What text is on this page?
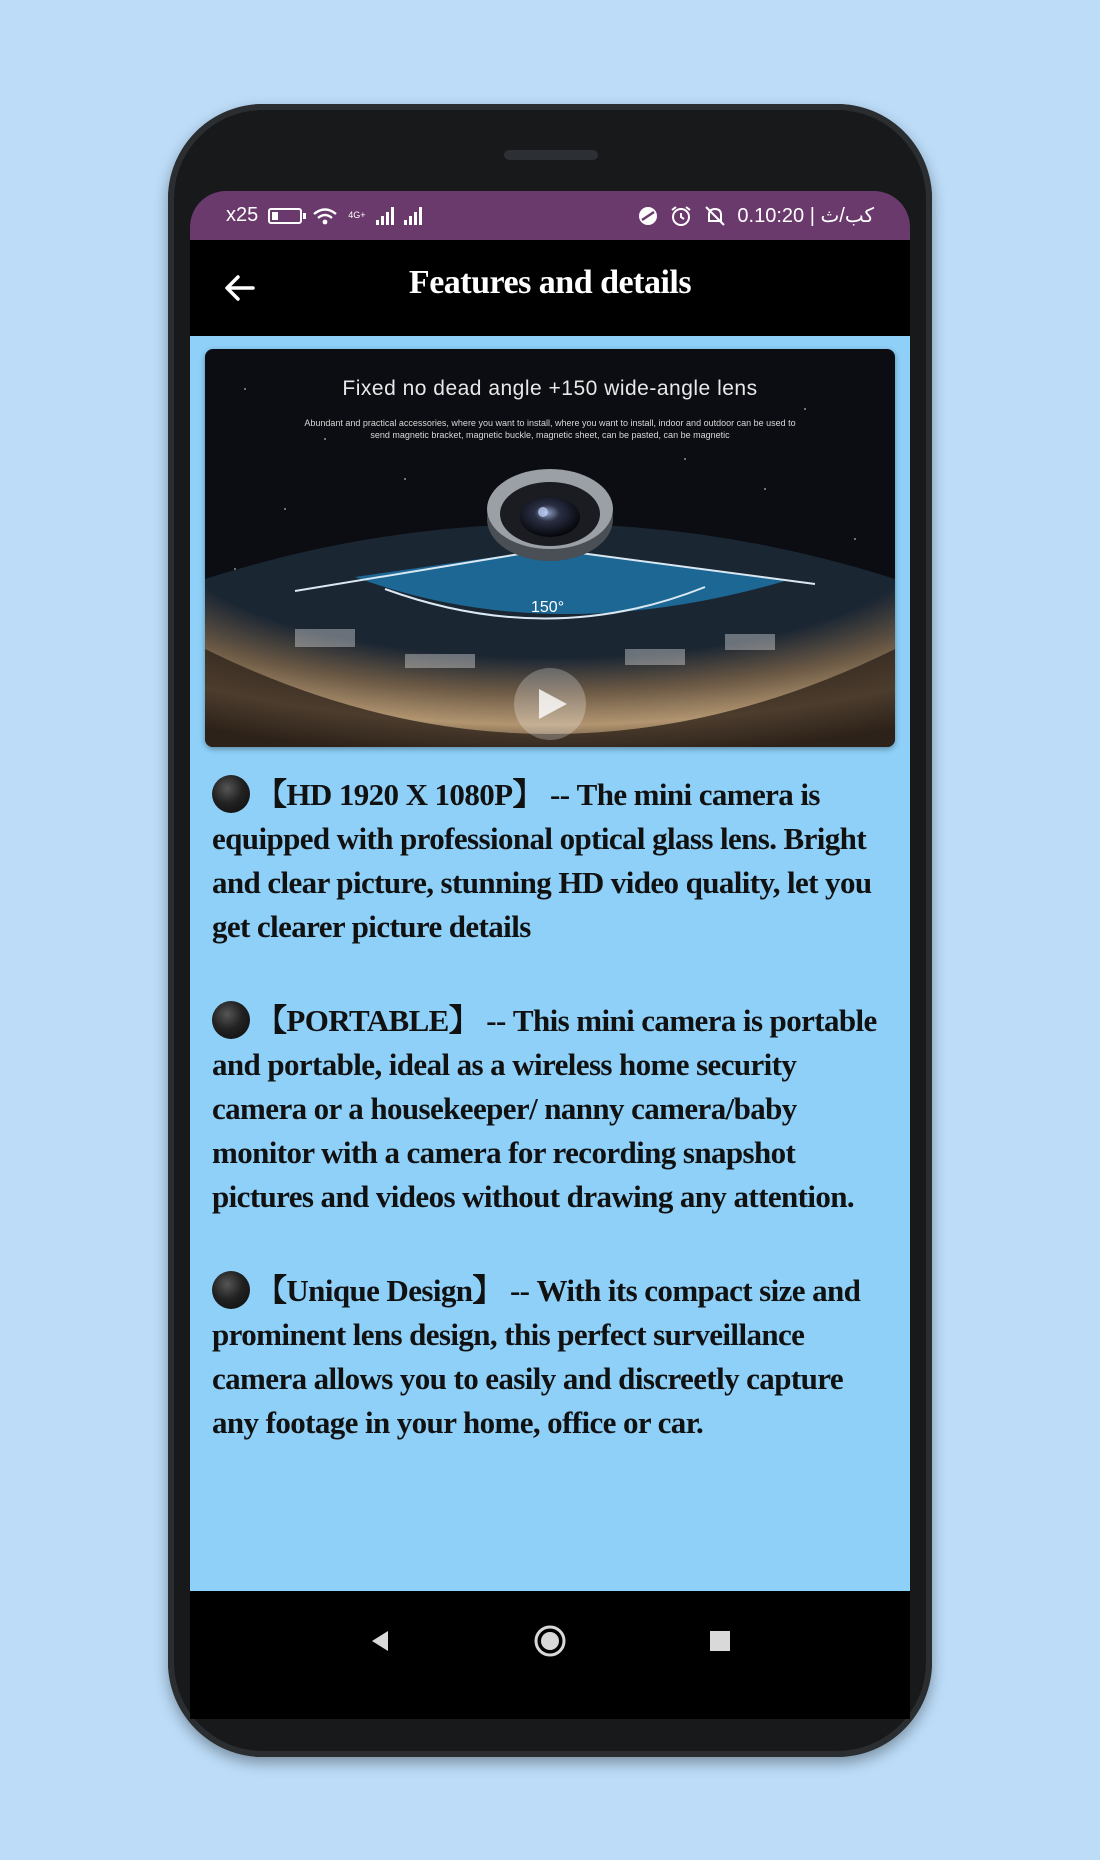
x25	4G+	0.1كب/ث | 0:20
Features and details
Fixed no dead angle +150 wide-angle lens
Abundant and practical accessories, where you want to install, where you want to install, indoor and outdoor can be used to send magnetic bracket, magnetic buckle, magnetic sheet, can be pasted, can be magnetic
150°

【HD 1920 X 1080P】 -- The mini camera is equipped with professional optical glass lens. Bright and clear picture, stunning HD video quality, let you get clearer picture details

【PORTABLE】 -- This mini camera is portable and portable, ideal as a wireless home security camera or a housekeeper/ nanny camera/baby monitor with a camera for recording snapshot pictures and videos without drawing any attention.

【Unique Design】 -- With its compact size and prominent lens design, this perfect surveillance camera allows you to easily and discreetly capture any footage in your home, office or car.
